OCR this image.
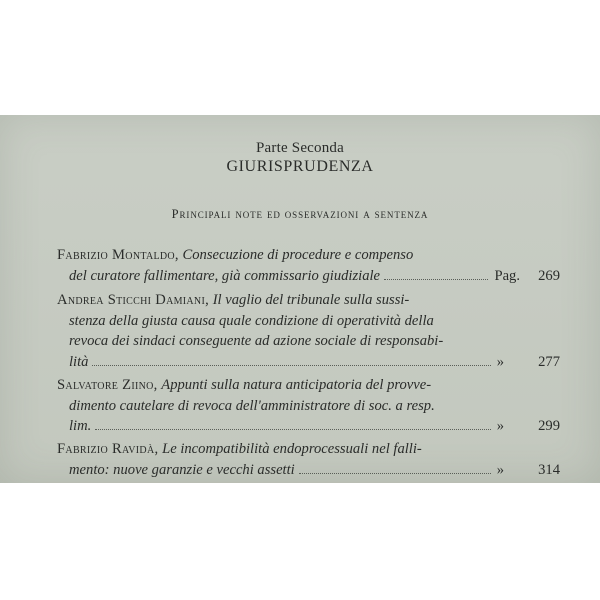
Parte Seconda
GIURISPRUDENZA
Principali note ed osservazioni a sentenza
Fabrizio Montaldo, Consecuzione di procedure e compenso
del curatore fallimentare, già commissario giudiziale	Pag. 269
Andrea Sticchi Damiani, Il vaglio del tribunale sulla sussi-
stenza della giusta causa quale condizione di operatività della
revoca dei sindaci conseguente ad azione sociale di responsabi-
lità	» 277
Salvatore Ziino, Appunti sulla natura anticipatoria del provve-
dimento cautelare di revoca dell'amministratore di soc. a resp.
lim.	» 299
Fabrizio Ravidà, Le incompatibilità endoprocessuali nel falli-
mento: nuove garanzie e vecchi assetti	» 314
